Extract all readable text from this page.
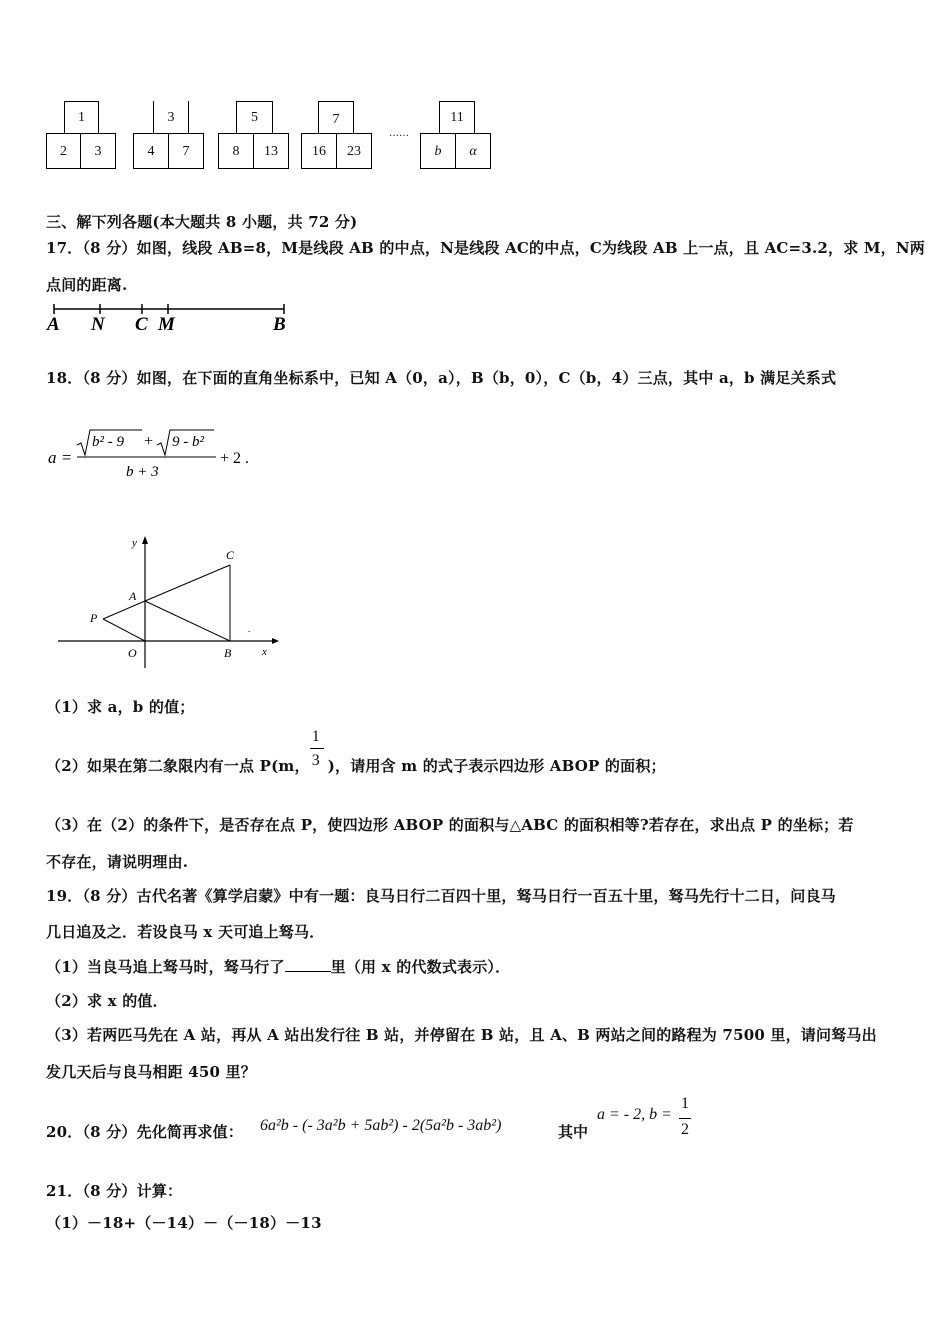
1
2	3
3
4	7
5
8	13
7
16	23
……
11
b	α
三、解下列各题(本大题共 8 小题，共 72 分)
17．（8 分）如图，线段 AB=8，M是线段 AB 的中点，N是线段 AC的中点，C为线段 AB 上一点，且 AC=3.2，求 M，N两
点间的距离.
A N C M	B
18．（8 分）如图，在下面的直角坐标系中，已知 A（0，a），B（b，0），C（b，4）三点，其中 a，b 满足关系式
a =
b² - 9 + 9 - b²
b + 3
+ 2 .
.
y
x
C
A
P
O	B
（1）求 a，b 的值；
（2）如果在第二象限内有一点 P(m， $\frac{1}{3}$ )，请用含 m 的式子表示四边形 ABOP 的面积；
（3）在（2）的条件下，是否存在点 P，使四边形 ABOP 的面积与△ABC 的面积相等?若存在，求出点 P 的坐标；若
不存在，请说明理由.
19．（8 分）古代名著《算学启蒙》中有一题：良马日行二百四十里，驽马日行一百五十里，驽马先行十二日，问良马
几日追及之．若设良马 x 天可追上驽马．
（1）当良马追上驽马时，驽马行了	里（用 x 的代数式表示）．
（2）求 x 的值．
（3）若两匹马先在 A 站，再从 A 站出发行往 B 站，并停留在 B 站，且 A、B 两站之间的路程为 7500 里，请问驽马出
发几天后与良马相距 450 里？
20．（8 分）先化简再求值： 6a²b - (- 3a²b + 5ab²) - 2(5a²b - 3ab²)	其中
a = - 2, b =
1
2
21．（8 分）计算：
（1）－18+（－14）－（－18）－13
